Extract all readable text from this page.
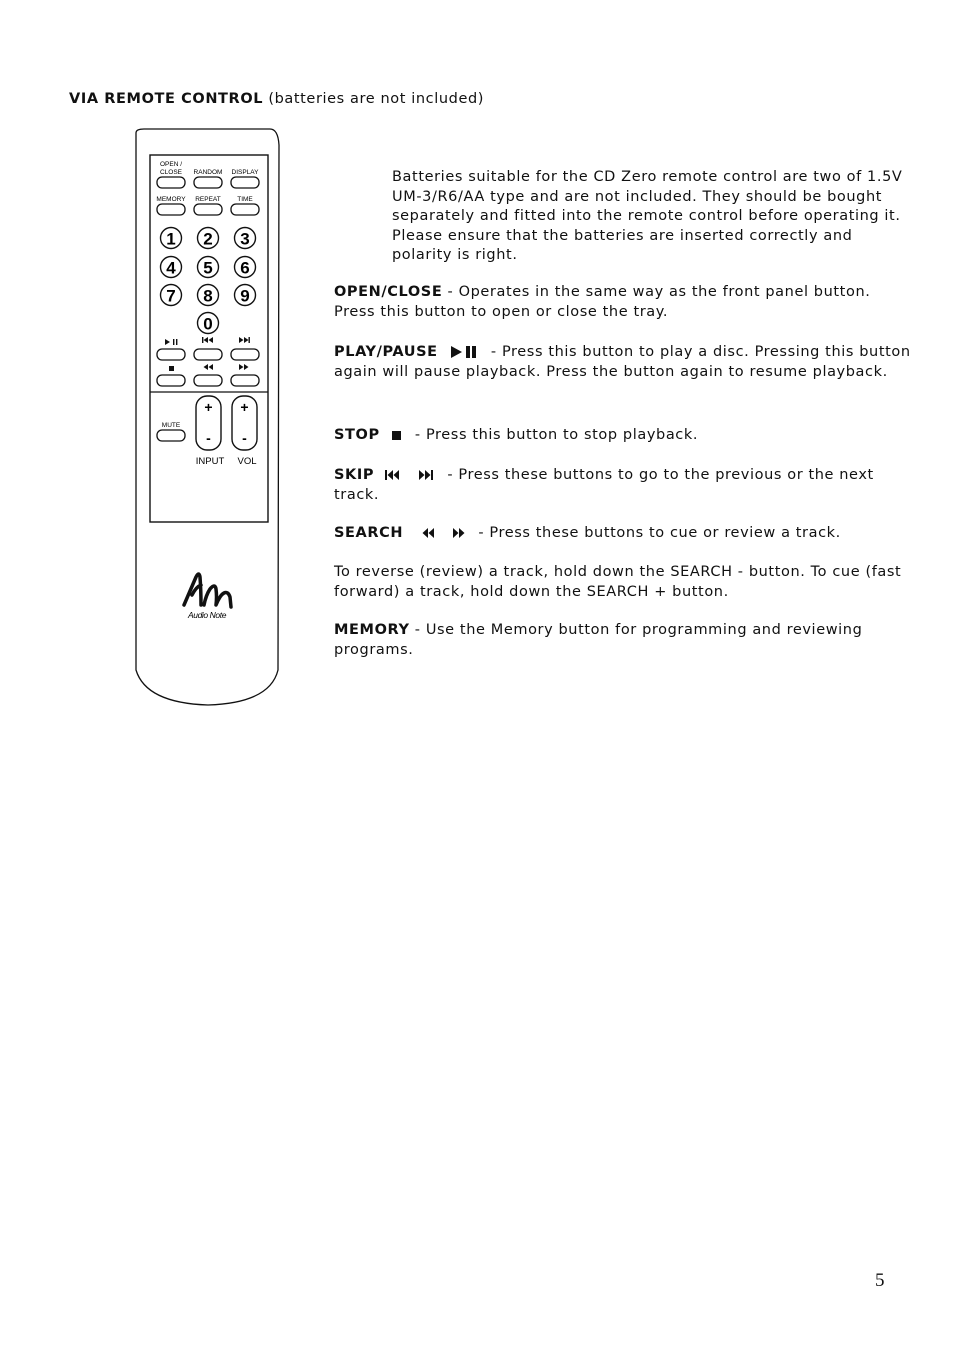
VIA REMOTE CONTROL (batteries are not included)
OPEN /
CLOSE RANDOM DISPLAY
MEMORY REPEAT	TIME
1 2 3
4 5 6
7 8 9
0
MUTE
+
-
+
-
INPUT VOL
Audio Note
Batteries suitable for the CD Zero remote control are two of 1.5V UM-3/R6/AA type and are not included. They should be bought separately and fitted into the remote control before operating it. Please ensure that the batteries are inserted correctly and polarity is right.
OPEN/CLOSE - Operates in the same way as the front panel button. Press this button to open or close the tray.
PLAY/PAUSE	- Press this button to play a disc. Pressing this button again will pause playback. Press the button again to resume playback.
STOP - Press this button to stop playback.
SKIP	- Press these buttons to go to the previous or the next track.
SEARCH	- Press these buttons to cue or review a track.
To reverse (review) a track, hold down the SEARCH - button. To cue (fast forward) a track, hold down the SEARCH + button.
MEMORY - Use the Memory button for programming and reviewing programs.
5
